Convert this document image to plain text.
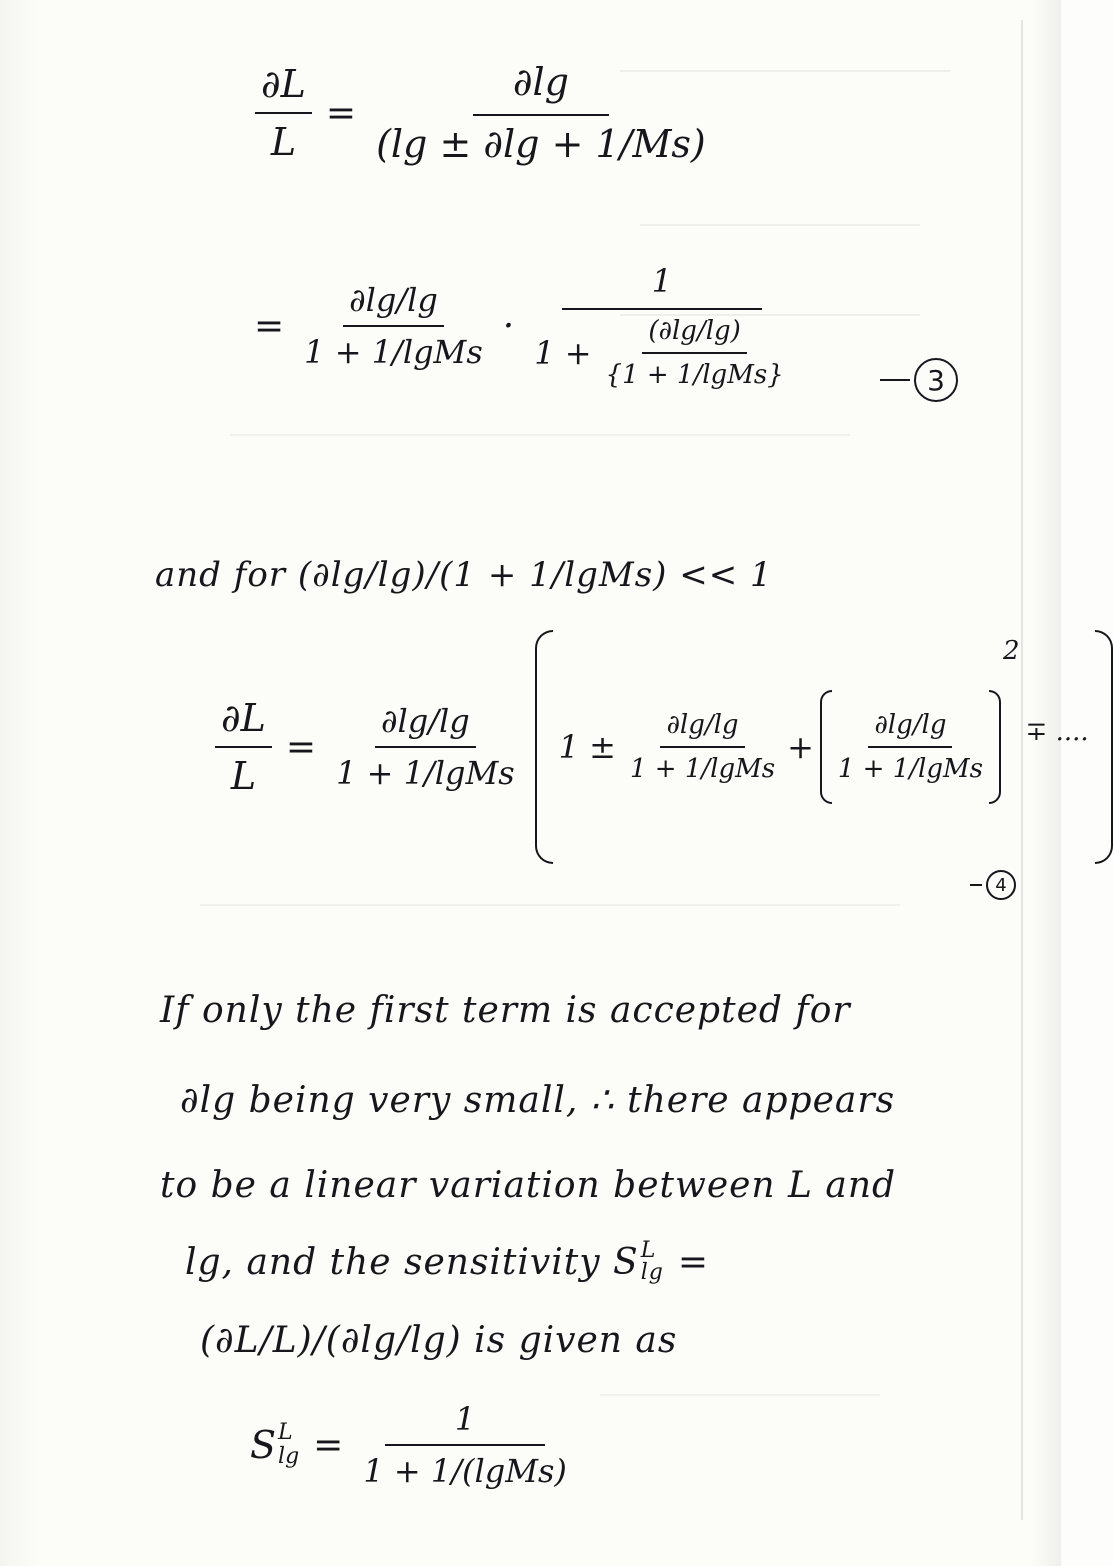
$\frac{\partial L}{L} = \frac{\partial\lg}{(\lg \pm \partial\lg + 1/Ms)}$
= $\frac{\partial\lg/\lg}{\text{1 + 1/lgMs}} \cdot \frac{1}{1 + \frac{(\partial\lg/\lg)}{\text{\{1 + 1/lgMs\}}}}$	3
and for (∂lg/lg)/(1 + 1/lgMs) << 1
$\frac{\partial L}{L} = \frac{\partial\lg/\lg}{\text{1 + 1/lgMs}} 1 \pm \frac{\partial\lg/\lg}{\text{1 + 1/lgMs}} + \frac{\partial\lg/\lg}{\text{1 + 1/lgMs}}$
2
∓ ....
4
If only the first term is accepted for
∂lg being very small, ∴ there appears
to be a linear variation between L and
lg, and the sensitivity S L
lg =
(∂L/L)/(∂lg/lg) is given as
S L
$\lg = \frac{1}{\text{1 + 1/(lgMs)}}$
